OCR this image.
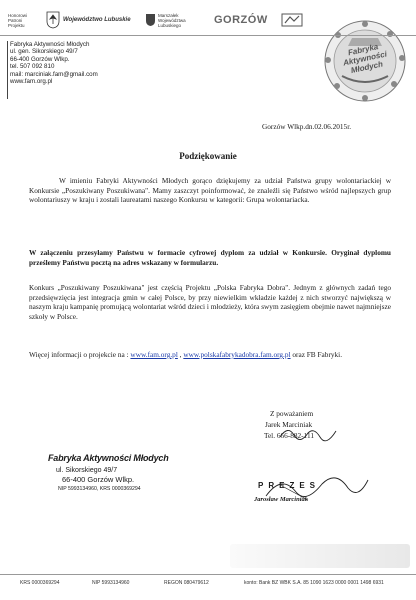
Honorowi Patroni Projektu
Województwo Lubuskie
Marszałek Województwa Lubuskiego	GORZÓW
Fabryka Aktywności Młodych
Fabryka Aktywności Młodych
ul. gen. Sikorskiego 49/7
66-400 Gorzów Wlkp.
tel. 507 092 810
mail: marciniak.fam@gmail.com
www.fam.org.pl
Gorzów Wlkp.dn.02.06.2015r.
Podziękowanie
W imieniu Fabryki Aktywności Młodych gorąco dziękujemy za udział Państwa grupy wolontariackiej w Konkursie „Poszukiwany Poszukiwana". Mamy zaszczyt poinformować, że znaleźli się Państwo wśród najlepszych grup wolontariuszy w kraju i zostali laureatami naszego Konkursu w kategorii: Grupa wolontariacka.
W załączeniu przesyłamy Państwu w formacie cyfrowej dyplom za udział w Konkursie. Oryginał dyplomu prześlemy Państwu pocztą na adres wskazany w formularzu.
Konkurs „Poszukiwany Poszukiwana" jest częścią Projektu „Polska Fabryka Dobra". Jednym z głównych zadań tego przedsięwzięcia jest integracja gmin w całej Polsce, by przy niewielkim wkładzie każdej z nich stworzyć największą w naszym kraju kampanię promującą wolontariat wśród dzieci i młodzieży, która swym zasięgiem obejmie nawet najmniejsze szkoły w Polsce.
Więcej informacji o projekcie na : www.fam.org.pl , www.polskafabrykadobra.fam.org.pl oraz FB Fabryki.
Z poważaniem
Jarek Marciniak
Tel. 666-882-111
Fabryka Aktywności Młodych
ul. Sikorskiego 49/7
66-400 Gorzów Wlkp.
NIP 5993134960, KRS 0000369294	PREZES
Jarosław Marciniak
KRS 0000369294	NIP 5993134960	REGON 080479612	konto: Bank BZ WBK S.A. 85 1090 1623 0000 0001 1498 6931
